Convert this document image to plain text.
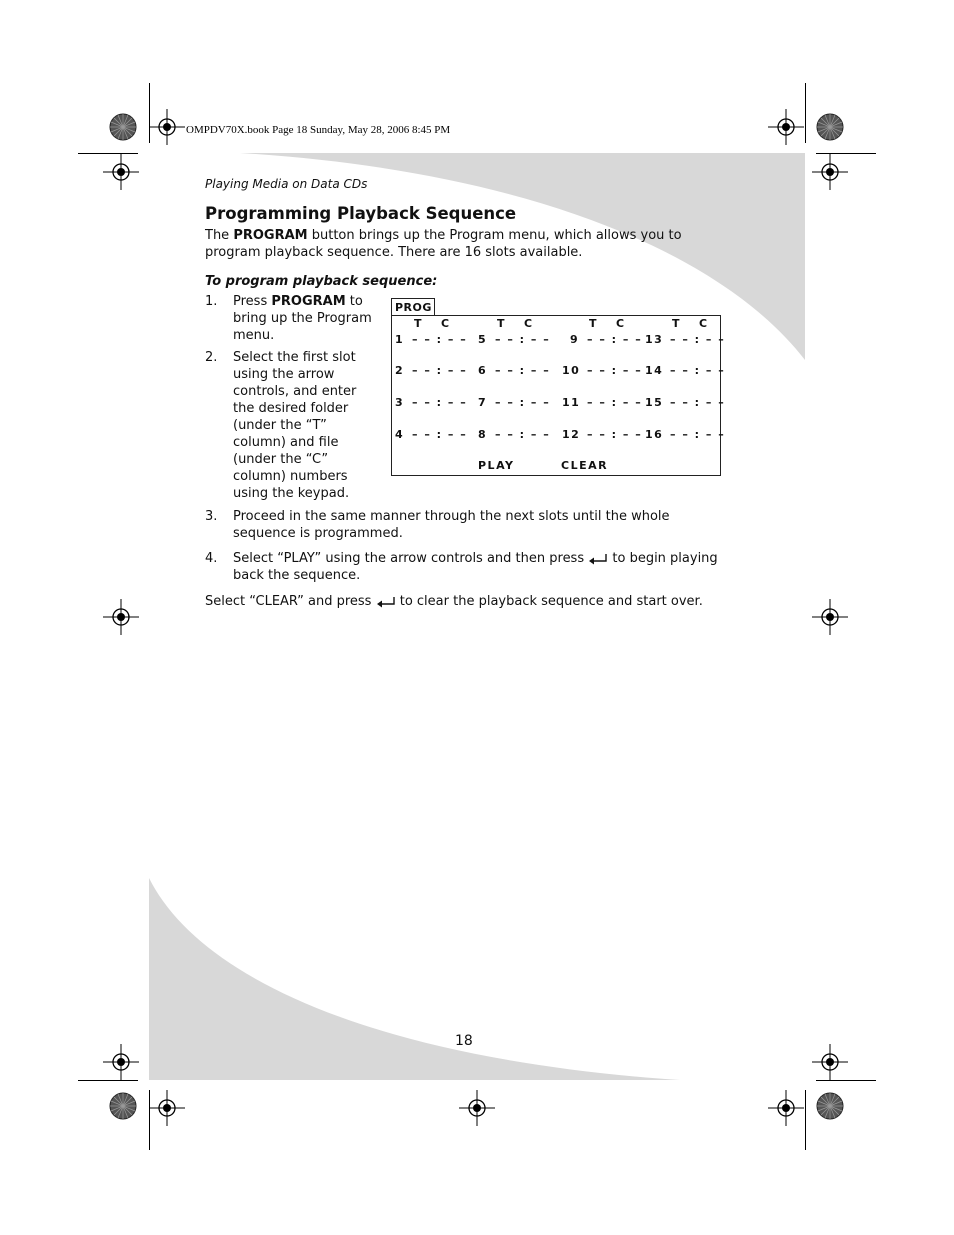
OMPDV70X.book Page 18 Sunday, May 28, 2006 8:45 PM
Playing Media on Data CDs
Programming Playback Sequence
The PROGRAM button brings up the Program menu, which allows you to
program playback sequence. There are 16 slots available.
To program playback sequence:
1. Press PROGRAM to
bring up the Program
menu.
2. Select the first slot
using the arrow
controls, and enter
the desired folder
(under the “T”
column) and file
(under the “C”
column) numbers
using the keypad.
3. Proceed in the same manner through the next slots until the whole
sequence is programmed.
4. Select “PLAY” using the arrow controls and then press  to begin playing
back the sequence.
Select “CLEAR” and press  to clear the playback sequence and start over.
PROG
T C	T C	T C	T C
1 – – : – – 5 – – : – – 9 – – : – – 13 – – : – –
2 – – : – – 6 – – : – – 10 – – : – – 14 – – : – –
3 – – : – – 7 – – : – – 11 – – : – – 15 – – : – –
4 – – : – – 8 – – : – – 12 – – : – – 16 – – : – –
PLAY	CLEAR
18
